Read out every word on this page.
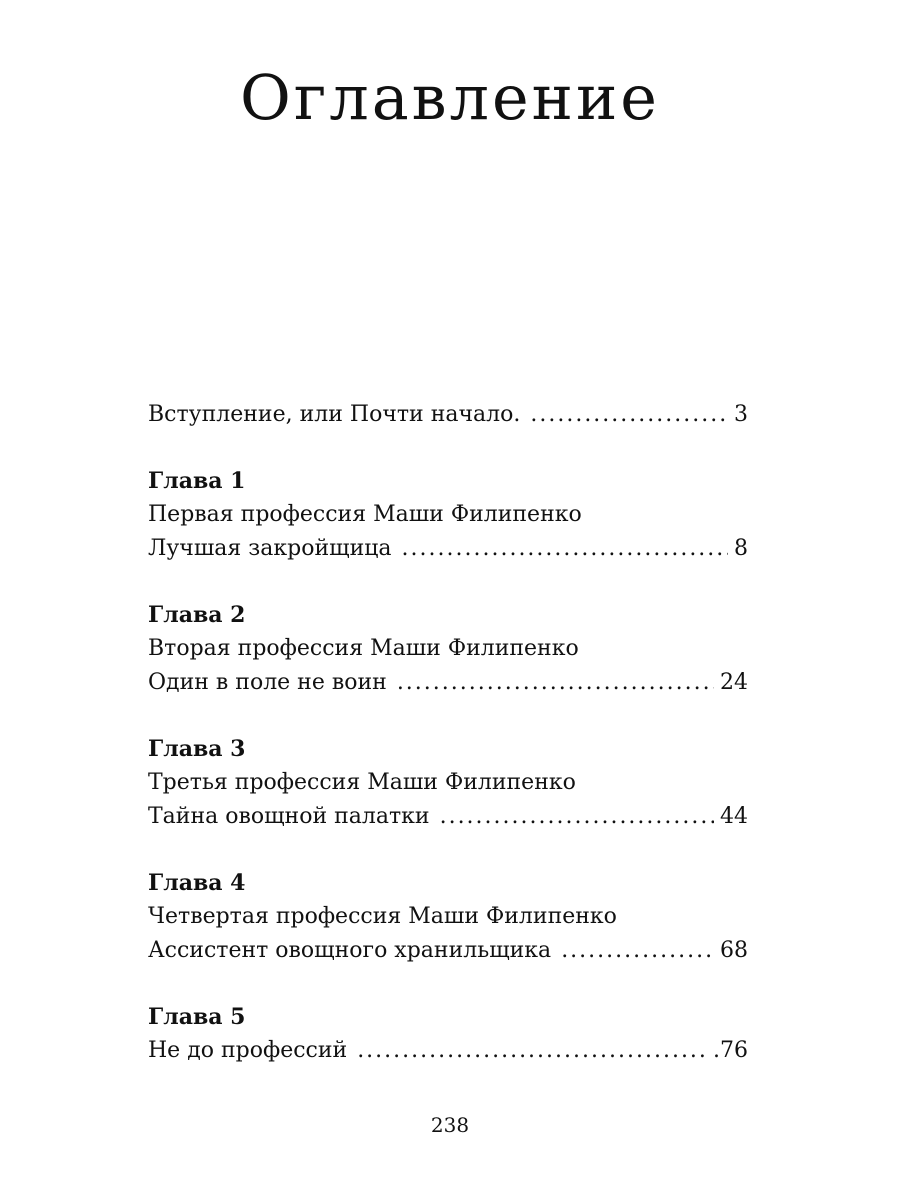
Оглавление
Вступление, или Почти начало. .....	3
Глава 1
Первая профессия Маши Филипенко
Лучшая закройщица .....	8
Глава 2
Вторая профессия Маши Филипенко
Один в поле не воин .....	24
Глава 3
Третья профессия Маши Филипенко
Тайна овощной палатки .....	44
Глава 4
Четвертая профессия Маши Филипенко
Ассистент овощного хранильщика .....	68
Глава 5
Не до профессий .....	.76
238
